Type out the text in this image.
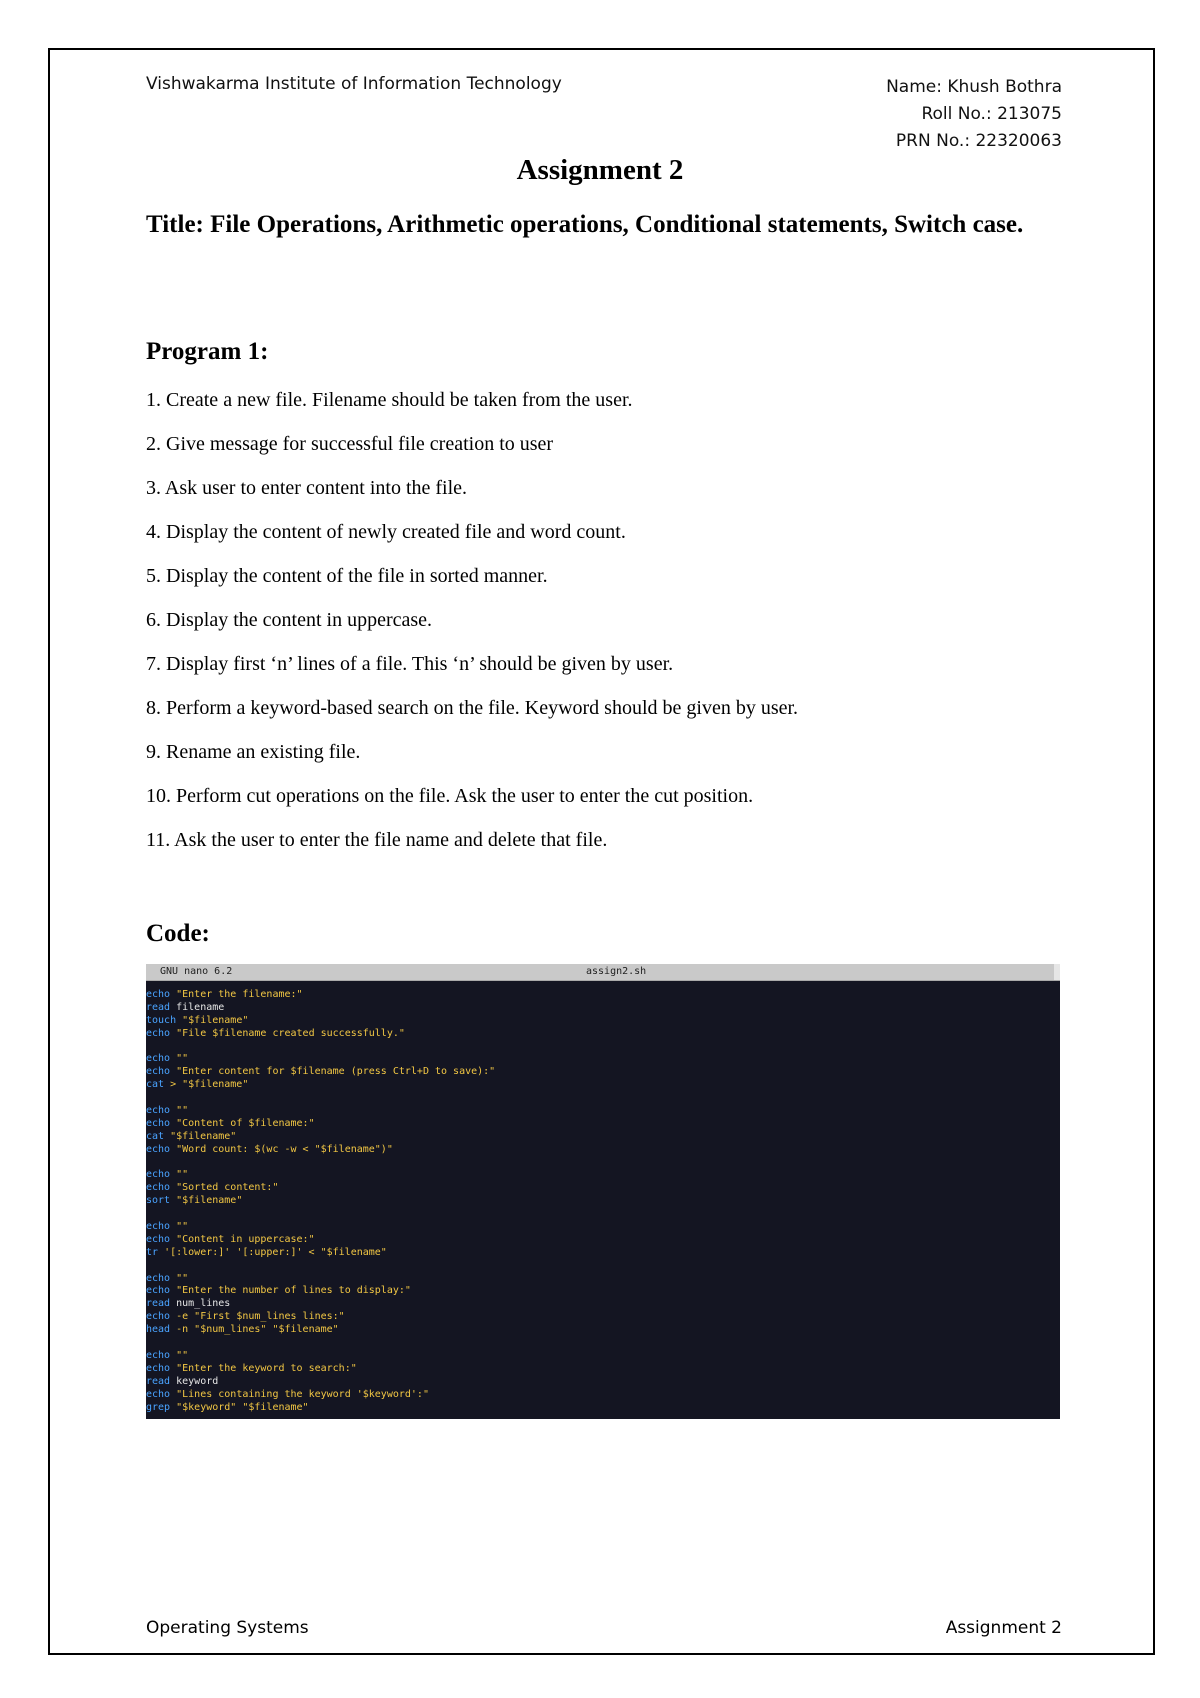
Vishwakarma Institute of Information Technology	Name: Khush Bothra
Roll No.: 213075
PRN No.: 22320063
Assignment 2
Title: File Operations, Arithmetic operations, Conditional statements, Switch case.
Program 1:
1. Create a new file. Filename should be taken from the user.
2. Give message for successful file creation to user
3. Ask user to enter content into the file.
4. Display the content of newly created file and word count.
5. Display the content of the file in sorted manner.
6. Display the content in uppercase.
7. Display first ‘n’ lines of a file. This ‘n’ should be given by user.
8. Perform a keyword-based search on the file. Keyword should be given by user.
9. Rename an existing file.
10. Perform cut operations on the file. Ask the user to enter the cut position.
11. Ask the user to enter the file name and delete that file.
Code:
GNU nano 6.2	assign2.sh
echo "Enter the filename:"
read filename
touch "$filename"
echo "File $filename created successfully."
echo ""
echo "Enter content for $filename (press Ctrl+D to save):"
cat > "$filename"
echo ""
echo "Content of $filename:"
cat "$filename"
echo "Word count: $(wc -w < "$filename")"
echo ""
echo "Sorted content:"
sort "$filename"
echo ""
echo "Content in uppercase:"
tr '[:lower:]' '[:upper:]' < "$filename"
echo ""
echo "Enter the number of lines to display:"
read num_lines
echo -e "First $num_lines lines:"
head -n "$num_lines" "$filename"
echo ""
echo "Enter the keyword to search:"
read keyword
echo "Lines containing the keyword '$keyword':"
grep "$keyword" "$filename"
Operating Systems	Assignment 2
